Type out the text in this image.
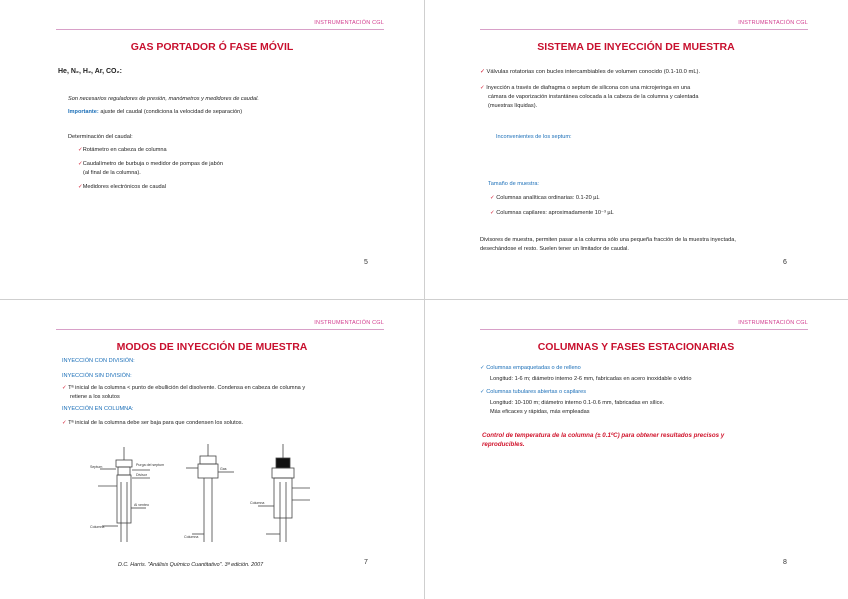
INSTRUMENTACIÓN CGL
GAS PORTADOR Ó FASE MÓVIL
He, N₂, H₂, Ar, CO₂:
Son necesarios reguladores de presión, manómetros y medidores de caudal.
Importante: ajuste del caudal (condiciona la velocidad de separación)
Determinación del caudal:
✓Rotámetro en cabeza de columna
✓Caudalímetro de burbuja o medidor de pompas de jabón
(al final de la columna).
✓Medidores electrónicos de caudal
5
INSTRUMENTACIÓN CGL
SISTEMA DE INYECCIÓN DE MUESTRA
✓ Válvulas rotatorias con bucles intercambiables de volumen conocido (0.1-10.0 mL).
✓ Inyección a través de diafragma o septum de silicona con una microjeringa en una
cámara de vaporización instantánea colocada a la cabeza de la columna y calentada
(muestras líquidas).
Inconvenientes de los septum:
Tamaño de muestra:
✓ Columnas analíticas ordinarias: 0.1-20 µL
✓ Columnas capilares: aproximadamente 10⁻³ µL
Divisores de muestra, permiten pasar a la columna sólo una pequeña fracción de la muestra inyectada,
desechándose el resto. Suelen tener un limitador de caudal.
6
INSTRUMENTACIÓN CGL
MODOS DE INYECCIÓN DE MUESTRA
INYECCIÓN CON DIVISIÓN:
INYECCIÓN SIN DIVISIÓN:
✓ Tª inicial de la columna < punto de ebullición del disolvente. Condensa en cabeza de columna y
retiene a los solutos
INYECCIÓN EN COLUMNA:
✓ Tª inicial de la columna debe ser baja para que condensen los solutos.
D.C. Harris. "Análisis Químico Cuantitativo". 3ª edición. 2007	7
Septum	Purga del septum
Divisor
Al venteo
Columna
Gas
Columna
Columna
INSTRUMENTACIÓN CGL
COLUMNAS Y FASES ESTACIONARIAS
✓ Columnas empaquetadas o de relleno
Longitud: 1-6 m; diámetro interno 2-6 mm, fabricadas en acero inoxidable o vidrio
✓ Columnas tubulares abiertas o capilares
Longitud: 10-100 m; diámetro interno 0.1-0.6 mm, fabricadas en sílice.
Más eficaces y rápidas, más empleadas
Control de temperatura de la columna (± 0.1ºC) para obtener resultados precisos y
reproducibles.
8
